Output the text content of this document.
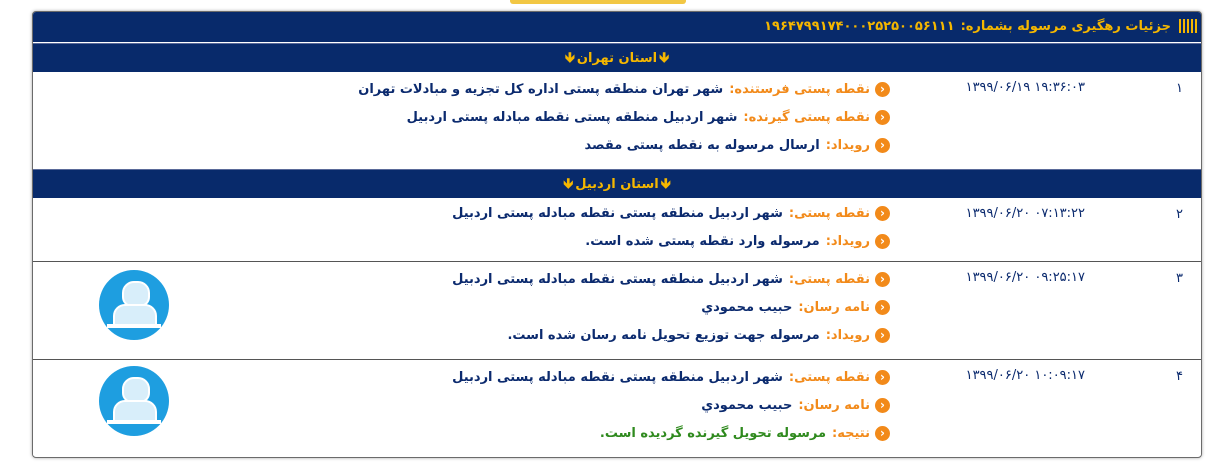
جزئیات رهگیری مرسوله بشماره:۱۹۶۴۷۹۹۱۷۴۰۰۰۲۵۲۵۰۰۵۶۱۱۱
🡻استان تهران🡻
۱
۱۳۹۹/۰۶/۱۹ ۱۹:۳۶:۰۳
‹نقطه پستی فرستنده:شهر تهران منطقه پستی اداره کل تجزیه و مبادلات تهران
‹نقطه پستی گیرنده:شهر اردبیل منطقه پستی نقطه مبادله پستی اردبیل
‹رویداد:ارسال مرسوله به نقطه پستی مقصد
🡻استان اردبیل🡻
۲
۱۳۹۹/۰۶/۲۰ ۰۷:۱۳:۲۲
‹نقطه پستی:شهر اردبیل منطقه پستی نقطه مبادله پستی اردبیل
‹رویداد:مرسوله وارد نقطه پستی شده است.
۳
۱۳۹۹/۰۶/۲۰ ۰۹:۲۵:۱۷
‹نقطه پستی:شهر اردبیل منطقه پستی نقطه مبادله پستی اردبیل
‹نامه رسان:حبیب محمودي
‹رویداد:مرسوله جهت توزیع تحویل نامه رسان شده است.
۴
۱۳۹۹/۰۶/۲۰ ۱۰:۰۹:۱۷
‹نقطه پستی:شهر اردبیل منطقه پستی نقطه مبادله پستی اردبیل
‹نامه رسان:حبیب محمودي
‹نتیجه:مرسوله تحویل گیرنده گردیده است.
